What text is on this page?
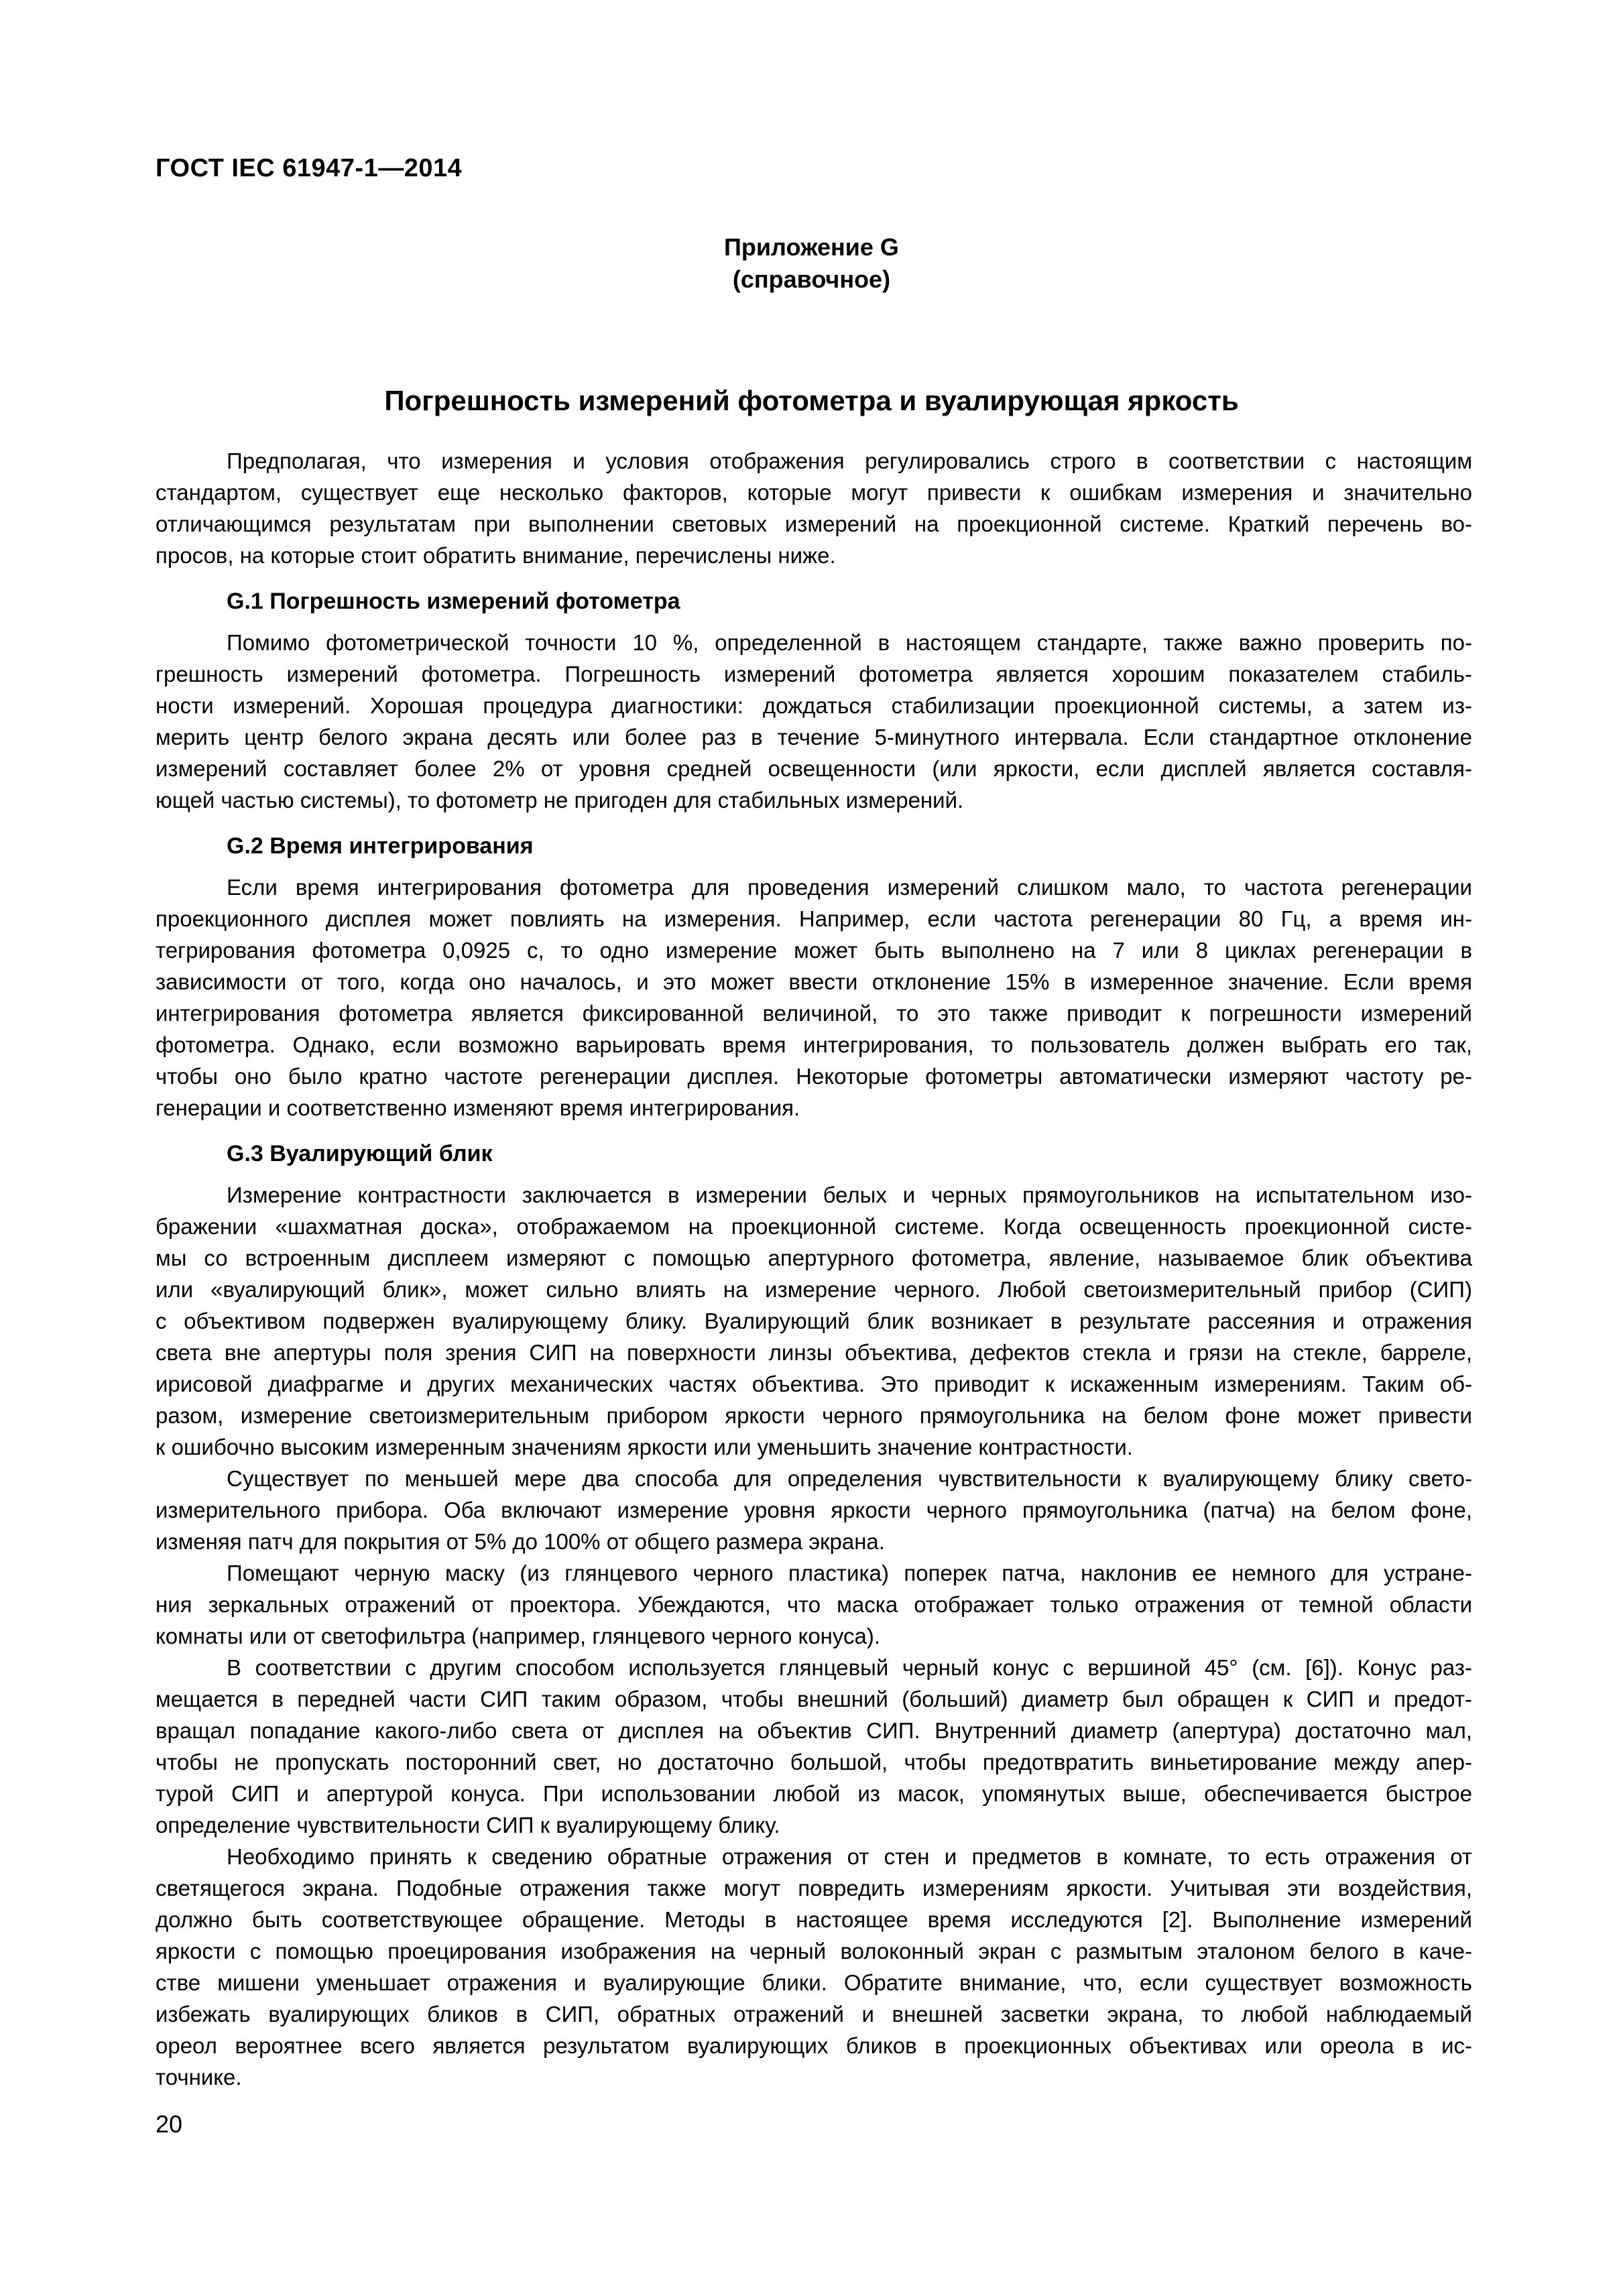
ГОСТ IEC 61947-1—2014
Приложение G
(справочное)
Погрешность измерений фотометра и вуалирующая яркость

Предполагая, что измерения и условия отображения регулировались строго в соответствии с настоящим
стандартом, существует еще несколько факторов, которые могут привести к ошибкам измерения и значительно
отличающимся результатам при выполнении световых измерений на проекционной системе. Краткий перечень во-
просов, на которые стоит обратить внимание, перечислены ниже.

G.1 Погрешность измерений фотометра

Помимо фотометрической точности 10 %, определенной в настоящем стандарте, также важно проверить по-
грешность измерений фотометра. Погрешность измерений фотометра является хорошим показателем стабиль-
ности измерений. Хорошая процедура диагностики: дождаться стабилизации проекционной системы, а затем из-
мерить центр белого экрана десять или более раз в течение 5-минутного интервала. Если стандартное отклонение
измерений составляет более 2% от уровня средней освещенности (или яркости, если дисплей является составля-
ющей частью системы), то фотометр не пригоден для стабильных измерений.

G.2 Время интегрирования

Если время интегрирования фотометра для проведения измерений слишком мало, то частота регенерации
проекционного дисплея может повлиять на измерения. Например, если частота регенерации 80 Гц, а время ин-
тегрирования фотометра 0,0925 с, то одно измерение может быть выполнено на 7 или 8 циклах регенерации в
зависимости от того, когда оно началось, и это может ввести отклонение 15% в измеренное значение. Если время
интегрирования фотометра является фиксированной величиной, то это также приводит к погрешности измерений
фотометра. Однако, если возможно варьировать время интегрирования, то пользователь должен выбрать его так,
чтобы оно было кратно частоте регенерации дисплея. Некоторые фотометры автоматически измеряют частоту ре-
генерации и соответственно изменяют время интегрирования.

G.3 Вуалирующий блик

Измерение контрастности заключается в измерении белых и черных прямоугольников на испытательном изо-
бражении «шахматная доска», отображаемом на проекционной системе. Когда освещенность проекционной систе-
мы со встроенным дисплеем измеряют с помощью апертурного фотометра, явление, называемое блик объектива
или «вуалирующий блик», может сильно влиять на измерение черного. Любой светоизмерительный прибор (СИП)
с объективом подвержен вуалирующему блику. Вуалирующий блик возникает в результате рассеяния и отражения
света вне апертуры поля зрения СИП на поверхности линзы объектива, дефектов стекла и грязи на стекле, барреле,
ирисовой диафрагме и других механических частях объектива. Это приводит к искаженным измерениям. Таким об-
разом, измерение светоизмерительным прибором яркости черного прямоугольника на белом фоне может привести
к ошибочно высоким измеренным значениям яркости или уменьшить значение контрастности.

Существует по меньшей мере два способа для определения чувствительности к вуалирующему блику свето-
измерительного прибора. Оба включают измерение уровня яркости черного прямоугольника (патча) на белом фоне,
изменяя патч для покрытия от 5% до 100% от общего размера экрана.

Помещают черную маску (из глянцевого черного пластика) поперек патча, наклонив ее немного для устране-
ния зеркальных отражений от проектора. Убеждаются, что маска отображает только отражения от темной области
комнаты или от светофильтра (например, глянцевого черного конуса).

В соответствии с другим способом используется глянцевый черный конус с вершиной 45° (см. [6]). Конус раз-
мещается в передней части СИП таким образом, чтобы внешний (больший) диаметр был обращен к СИП и предот-
вращал попадание какого-либо света от дисплея на объектив СИП. Внутренний диаметр (апертура) достаточно мал,
чтобы не пропускать посторонний свет, но достаточно большой, чтобы предотвратить виньетирование между апер-
турой СИП и апертурой конуса. При использовании любой из масок, упомянутых выше, обеспечивается быстрое
определение чувствительности СИП к вуалирующему блику.

Необходимо принять к сведению обратные отражения от стен и предметов в комнате, то есть отражения от
светящегося экрана. Подобные отражения также могут повредить измерениям яркости. Учитывая эти воздействия,
должно быть соответствующее обращение. Методы в настоящее время исследуются [2]. Выполнение измерений
яркости с помощью проецирования изображения на черный волоконный экран с размытым эталоном белого в каче-
стве мишени уменьшает отражения и вуалирующие блики. Обратите внимание, что, если существует возможность
избежать вуалирующих бликов в СИП, обратных отражений и внешней засветки экрана, то любой наблюдаемый
ореол вероятнее всего является результатом вуалирующих бликов в проекционных объективах или ореола в ис-
точнике.

20
